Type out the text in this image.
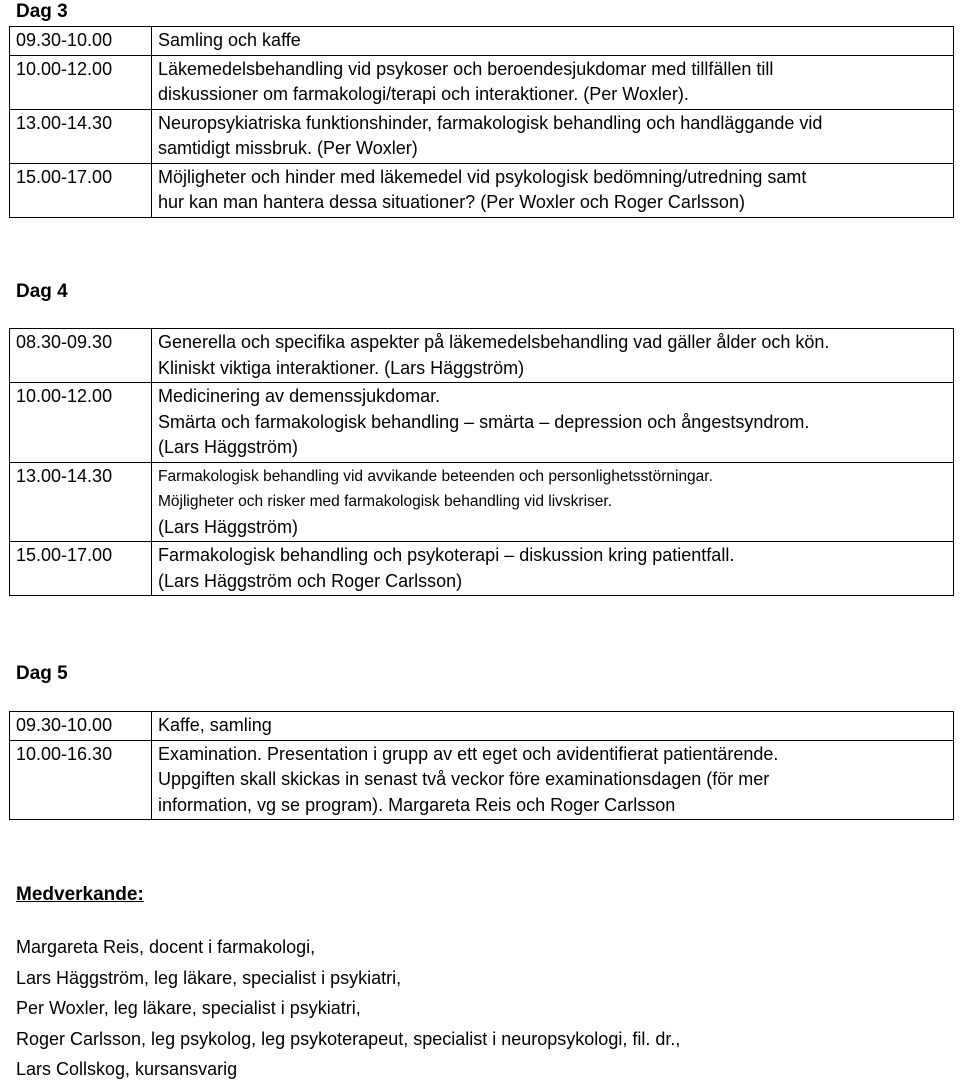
Dag 3
09.30-10.00	Samling och kaffe

10.00-12.00	Läkemedelsbehandling vid psykoser och beroendesjukdomar med tillfällen till
diskussioner om farmakologi/terapi och interaktioner. (Per Woxler).

13.00-14.30	Neuropsykiatriska funktionshinder, farmakologisk behandling och handläggande vid
samtidigt missbruk. (Per Woxler)

15.00-17.00	Möjligheter och hinder med läkemedel vid psykologisk bedömning/utredning samt
hur kan man hantera dessa situationer? (Per Woxler och Roger Carlsson)
Dag 4
08.30-09.30	Generella och specifika aspekter på läkemedelsbehandling vad gäller ålder och kön.
Kliniskt viktiga interaktioner. (Lars Häggström)

10.00-12.00	Medicinering av demenssjukdomar.
Smärta och farmakologisk behandling – smärta – depression och ångestsyndrom.
(Lars Häggström)

13.00-14.30	Farmakologisk behandling vid avvikande beteenden och personlighetsstörningar.
Möjligheter och risker med farmakologisk behandling vid livskriser.
(Lars Häggström)

15.00-17.00	Farmakologisk behandling och psykoterapi – diskussion kring patientfall.
(Lars Häggström och Roger Carlsson)
Dag 5
09.30-10.00	Kaffe, samling

10.00-16.30	Examination. Presentation i grupp av ett eget och avidentifierat patientärende.
Uppgiften skall skickas in senast två veckor före examinationsdagen (för mer
information, vg se program). Margareta Reis och Roger Carlsson
Medverkande:
Margareta Reis, docent i farmakologi,
Lars Häggström, leg läkare, specialist i psykiatri,
Per Woxler, leg läkare, specialist i psykiatri,
Roger Carlsson, leg psykolog, leg psykoterapeut, specialist i neuropsykologi, fil. dr.,
Lars Collskog, kursansvarig
